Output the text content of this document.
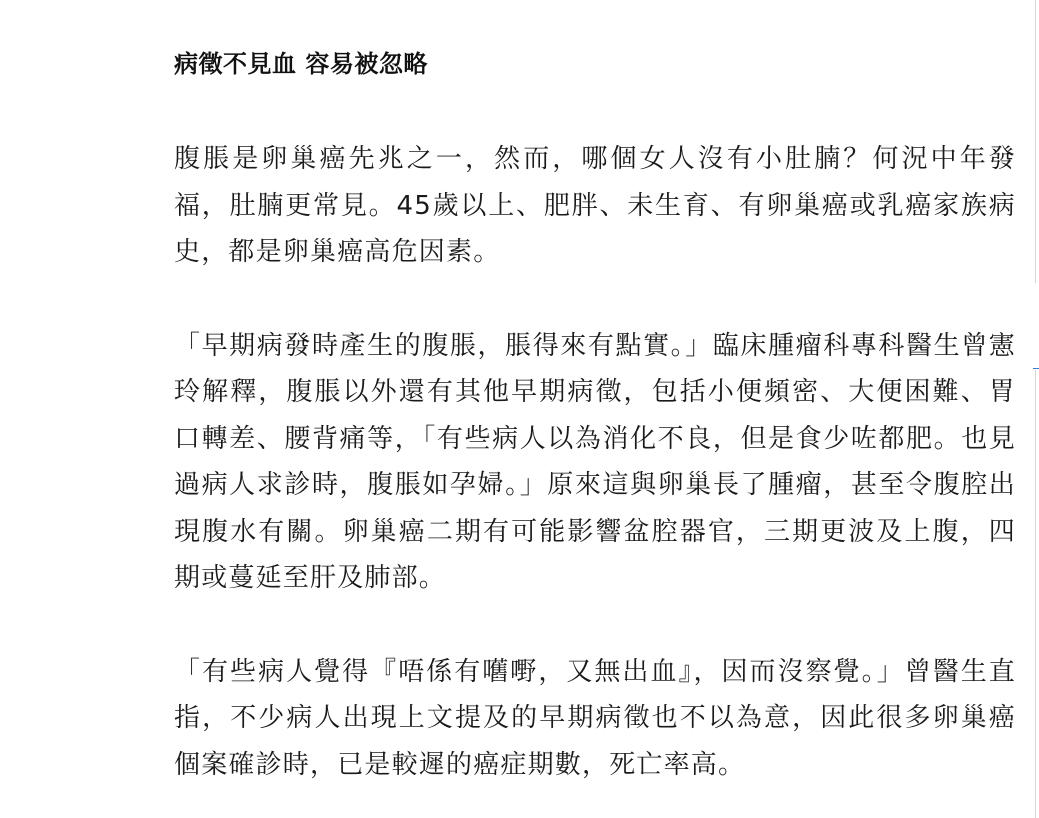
病徵不見血 容易被忽略

腹脹是卵巢癌先兆之一，然而，哪個女人沒有小肚腩？何況中年發福，肚腩更常見。45歲以上、肥胖、未生育、有卵巢癌或乳癌家族病史，都是卵巢癌高危因素。

「早期病發時產生的腹脹，脹得來有點實。」臨床腫瘤科專科醫生曾憲玲解釋，腹脹以外還有其他早期病徵，包括小便頻密、大便困難、胃口轉差、腰背痛等，「有些病人以為消化不良，但是食少咗都肥。也見過病人求診時，腹脹如孕婦。」原來這與卵巢長了腫瘤，甚至令腹腔出現腹水有關。卵巢癌二期有可能影響盆腔器官，三期更波及上腹，四期或蔓延至肝及肺部。

「有些病人覺得『唔係有嚿嘢，又無出血』，因而沒察覺。」曾醫生直指，不少病人出現上文提及的早期病徵也不以為意，因此很多卵巢癌個案確診時，已是較遲的癌症期數，死亡率高。
